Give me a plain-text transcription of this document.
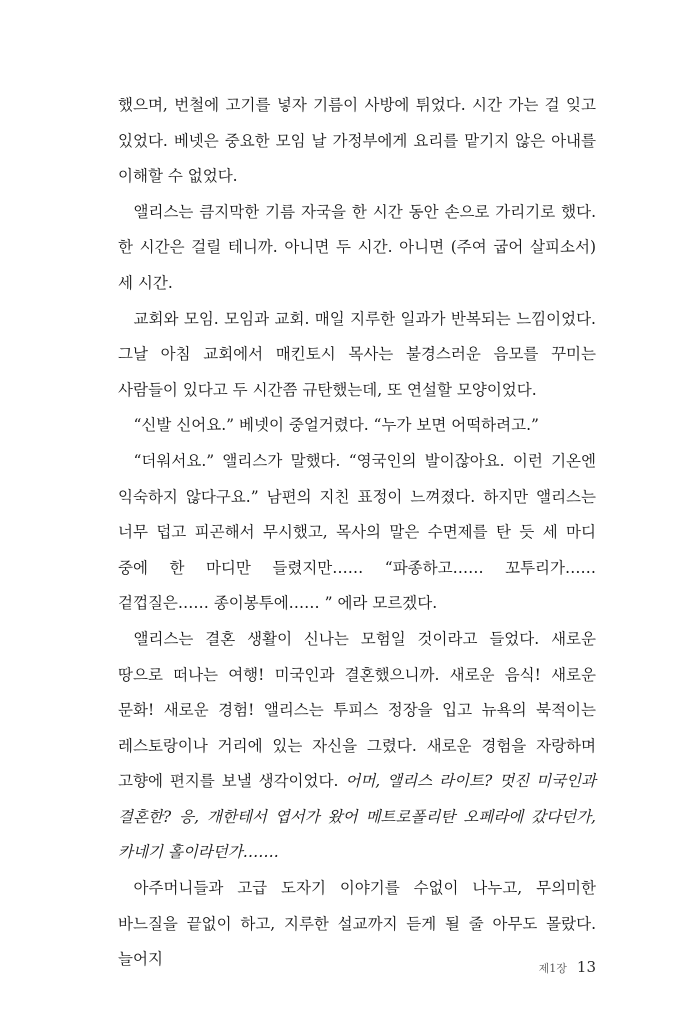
했으며, 번철에 고기를 넣자 기름이 사방에 튀었다. 시간 가는 걸 잊고 있었다. 베넷은 중요한 모임 날 가정부에게 요리를 맡기지 않은 아내를 이해할 수 없었다.

앨리스는 큼지막한 기름 자국을 한 시간 동안 손으로 가리기로 했다. 한 시간은 걸릴 테니까. 아니면 두 시간. 아니면 (주여 굽어 살피소서) 세 시간.

교회와 모임. 모임과 교회. 매일 지루한 일과가 반복되는 느낌이었다. 그날 아침 교회에서 매킨토시 목사는 불경스러운 음모를 꾸미는 사람들이 있다고 두 시간쯤 규탄했는데, 또 연설할 모양이었다.

“신발 신어요.” 베넷이 중얼거렸다. “누가 보면 어떡하려고.”

“더워서요.” 앨리스가 말했다. “영국인의 발이잖아요. 이런 기온엔 익숙하지 않다구요.” 남편의 지친 표정이 느껴졌다. 하지만 앨리스는 너무 덥고 피곤해서 무시했고, 목사의 말은 수면제를 탄 듯 세 마디 중에 한 마디만 들렸지만…… “파종하고…… 꼬투리가…… 겉껍질은…… 종이봉투에…… ” 에라 모르겠다.

앨리스는 결혼 생활이 신나는 모험일 것이라고 들었다. 새로운 땅으로 떠나는 여행! 미국인과 결혼했으니까. 새로운 음식! 새로운 문화! 새로운 경험! 앨리스는 투피스 정장을 입고 뉴욕의 북적이는 레스토랑이나 거리에 있는 자신을 그렸다. 새로운 경험을 자랑하며 고향에 편지를 보낼 생각이었다. 어머, 앨리스 라이트? 멋진 미국인과 결혼한? 응, 개한테서 엽서가 왔어 메트로폴리탄 오페라에 갔다던가, 카네기 홀이라던가…….

아주머니들과 고급 도자기 이야기를 수없이 나누고, 무의미한 바느질을 끝없이 하고, 지루한 설교까지 듣게 될 줄 아무도 몰랐다. 늘어지

제1장 13
